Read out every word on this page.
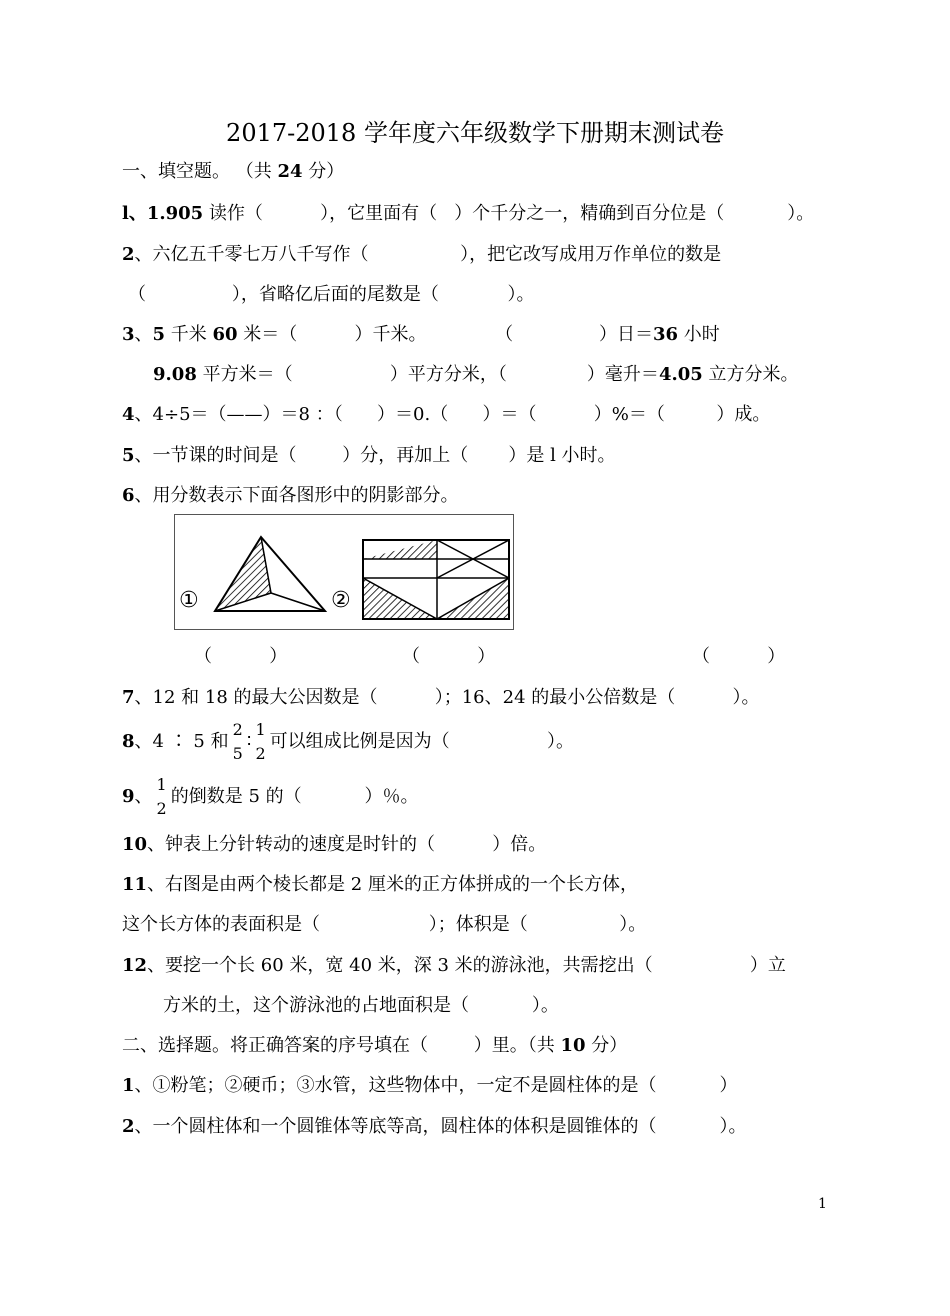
2017-2018 学年度六年级数学下册期末测试卷
一、填空题。 （共 24 分）
l、1.905 读作（          ），它里面有（   ）个千分之一，精确到百分位是（           ）。
2、六亿五千零七万八千写作（                ），把它改写成用万作单位的数是
（               ），省略亿后面的尾数是（            ）。
3、5 千米 60 米＝（          ）千米。            （               ）日＝36 小时
9.08 平方米＝（                 ）平方分米，（              ）毫升＝4.05 立方分米。
4、4÷5＝（——）＝8 ：（      ）＝0.（      ）＝（          ）%＝（         ）成。
5、一节课的时间是（        ）分，再加上（       ）是 l 小时。
6、用分数表示下面各图形中的阴影部分。
①	②
（          ）	（          ）	（          ）
7、12 和 18 的最大公因数是（          ）；16、24 的最小公倍数是（          ）。
8、4 ∶ 5 和
2
5
∶
1
2
可以组成比例是因为（                 ）。
9、
1
2
的倒数是 5 的（           ）％。
10、钟表上分针转动的速度是时针的（          ）倍。
11、右图是由两个棱长都是 2 厘米的正方体拼成的一个长方体，
这个长方体的表面积是（                   ）；体积是（                ）。
12、要挖一个长 60 米，宽 40 米，深 3 米的游泳池，共需挖出（                 ）立
方米的土，这个游泳池的占地面积是（           ）。
二、选择题。将正确答案的序号填在（        ）里。（共 10 分）
1、①粉笔；②硬币；③水管，这些物体中，一定不是圆柱体的是（           ）
2、一个圆柱体和一个圆锥体等底等高，圆柱体的体积是圆锥体的（           ）。
1
